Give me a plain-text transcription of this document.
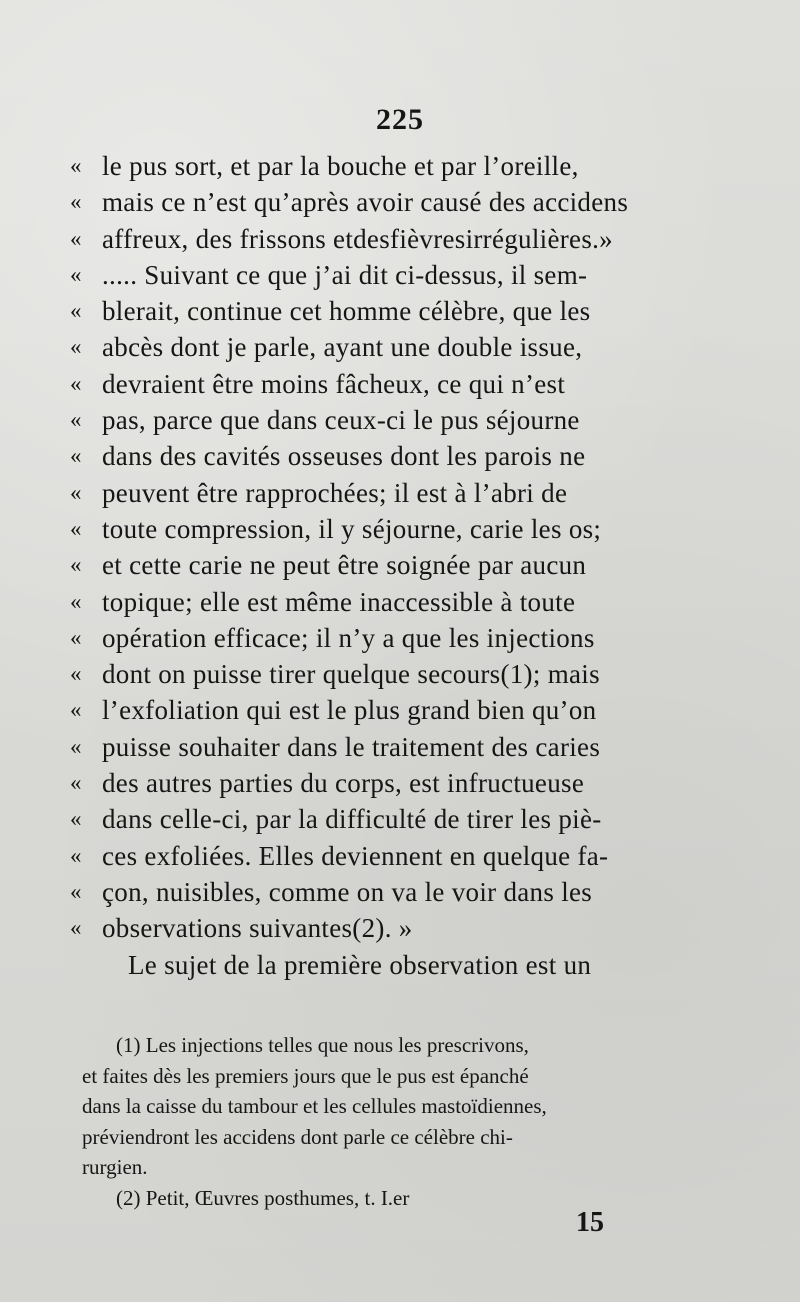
225
« le pus sort, et par la bouche et par l’oreille,
« mais ce n’est qu’après avoir causé des accidens
« affreux, des frissons etdesfièvresirrégulières.»
« ..... Suivant ce que j’ai dit ci-dessus, il sem-
« blerait, continue cet homme célèbre, que les
« abcès dont je parle, ayant une double issue,
« devraient être moins fâcheux, ce qui n’est
« pas, parce que dans ceux-ci le pus séjourne
« dans des cavités osseuses dont les parois ne
« peuvent être rapprochées; il est à l’abri de
« toute compression, il y séjourne, carie les os;
« et cette carie ne peut être soignée par aucun
« topique; elle est même inaccessible à toute
« opération efficace; il n’y a que les injections
« dont on puisse tirer quelque secours(1); mais
« l’exfoliation qui est le plus grand bien qu’on
« puisse souhaiter dans le traitement des caries
« des autres parties du corps, est infructueuse
« dans celle-ci, par la difficulté de tirer les piè-
« ces exfoliées. Elles deviennent en quelque fa-
« çon, nuisibles, comme on va le voir dans les
« observations suivantes(2). »
Le sujet de la première observation est un
(1) Les injections telles que nous les prescrivons,
et faites dès les premiers jours que le pus est épanché
dans la caisse du tambour et les cellules mastoïdiennes,
préviendront les accidens dont parle ce célèbre chi-
rurgien.
(2) Petit, Œuvres posthumes, t. I.er
15
